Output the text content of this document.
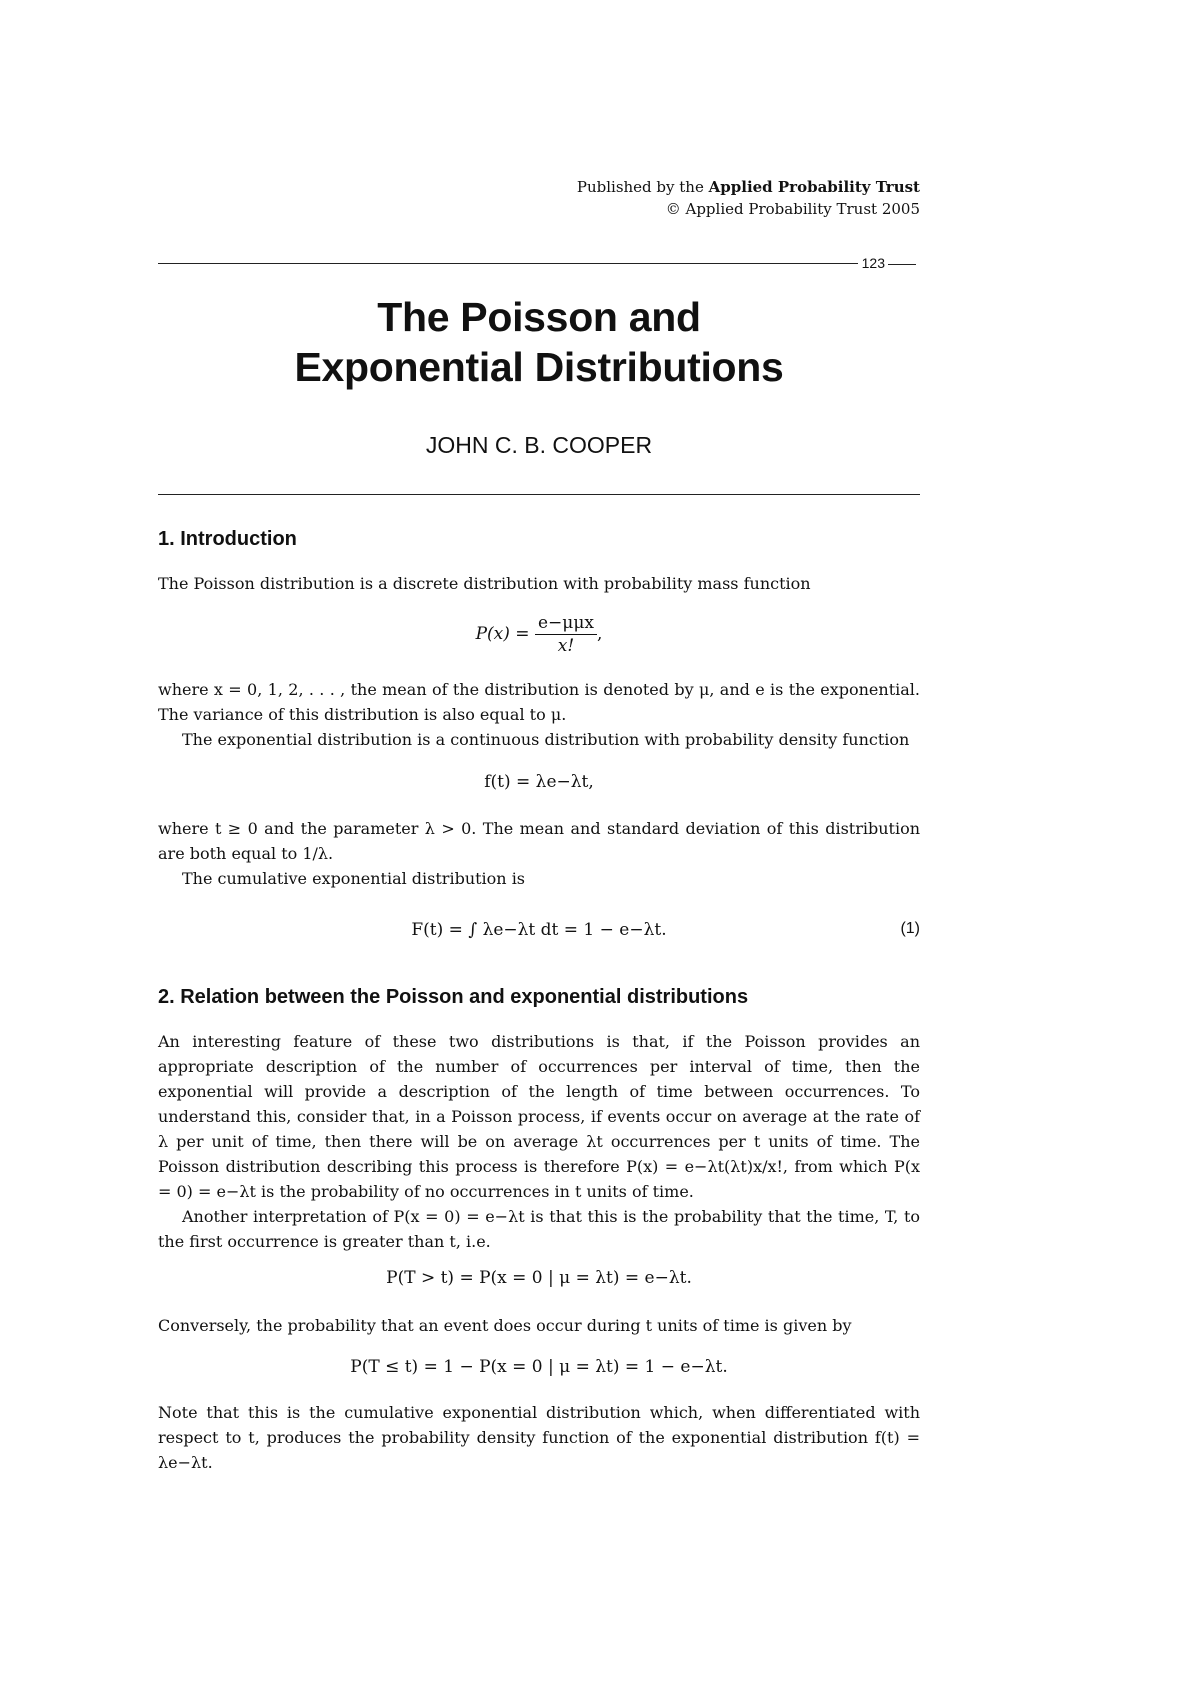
Published by the Applied Probability Trust
© Applied Probability Trust 2005
123
The Poisson and
Exponential Distributions
JOHN C. B. COOPER
1. Introduction

The Poisson distribution is a discrete distribution with probability mass function

$P(x) = \frac{\text{e−μμx}}{x!}$ ,

where x = 0, 1, 2, . . . , the mean of the distribution is denoted by μ, and e is the exponential. The variance of this distribution is also equal to μ.

The exponential distribution is a continuous distribution with probability density function

f(t) = λe−λt,

where t ≥ 0 and the parameter λ > 0. The mean and standard deviation of this distribution are both equal to 1/λ.

The cumulative exponential distribution is

F(t) = ∫ λe−λt dt = 1 − e−λt.	(1)
2. Relation between the Poisson and exponential distributions

An interesting feature of these two distributions is that, if the Poisson provides an appropriate description of the number of occurrences per interval of time, then the exponential will provide a description of the length of time between occurrences. To understand this, consider that, in a Poisson process, if events occur on average at the rate of λ per unit of time, then there will be on average λt occurrences per t units of time. The Poisson distribution describing this process is therefore P(x) = e−λt(λt)x/x!, from which P(x = 0) = e−λt is the probability of no occurrences in t units of time.

Another interpretation of P(x = 0) = e−λt is that this is the probability that the time, T, to the first occurrence is greater than t, i.e.

P(T > t) = P(x = 0 | μ = λt) = e−λt.

Conversely, the probability that an event does occur during t units of time is given by

P(T ≤ t) = 1 − P(x = 0 | μ = λt) = 1 − e−λt.

Note that this is the cumulative exponential distribution which, when differentiated with respect to t, produces the probability density function of the exponential distribution f(t) = λe−λt.
